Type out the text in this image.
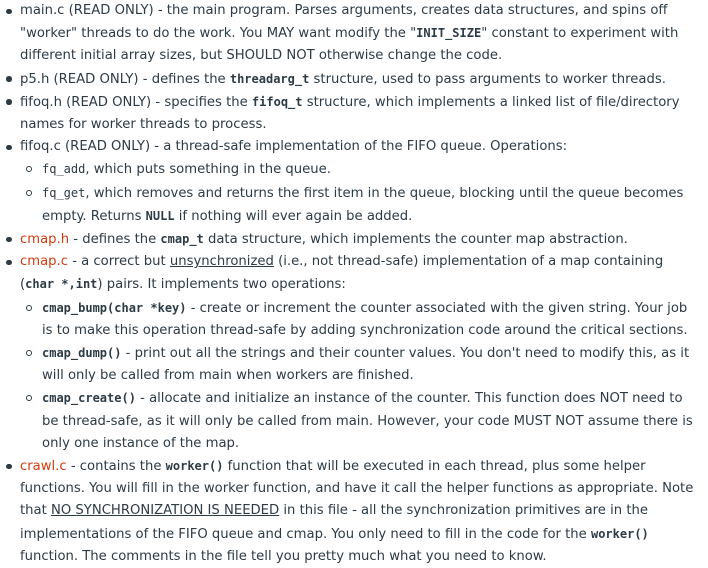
main.c (READ ONLY) - the main program. Parses arguments, creates data structures, and spins off "worker" threads to do the work. You MAY want modify the "INIT_SIZE" constant to experiment with different initial array sizes, but SHOULD NOT otherwise change the code.
p5.h (READ ONLY) - defines the threadarg_t structure, used to pass arguments to worker threads.
fifoq.h (READ ONLY) - specifies the fifoq_t structure, which implements a linked list of file/directory names for worker threads to process.
fifoq.c (READ ONLY) - a thread-safe implementation of the FIFO queue. Operations:
fq_add, which puts something in the queue.
fq_get, which removes and returns the first item in the queue, blocking until the queue becomes empty. Returns NULL if nothing will ever again be added.
cmap.h - defines the cmap_t data structure, which implements the counter map abstraction.
cmap.c - a correct but unsynchronized (i.e., not thread-safe) implementation of a map containing (char *,int) pairs. It implements two operations:
cmap_bump(char *key) - create or increment the counter associated with the given string. Your job is to make this operation thread-safe by adding synchronization code around the critical sections.
cmap_dump() - print out all the strings and their counter values. You don't need to modify this, as it will only be called from main when workers are finished.
cmap_create() - allocate and initialize an instance of the counter. This function does NOT need to be thread-safe, as it will only be called from main. However, your code MUST NOT assume there is only one instance of the map.
crawl.c - contains the worker() function that will be executed in each thread, plus some helper functions. You will fill in the worker function, and have it call the helper functions as appropriate. Note that NO SYNCHRONIZATION IS NEEDED in this file - all the synchronization primitives are in the implementations of the FIFO queue and cmap. You only need to fill in the code for the worker() function. The comments in the file tell you pretty much what you need to know.
